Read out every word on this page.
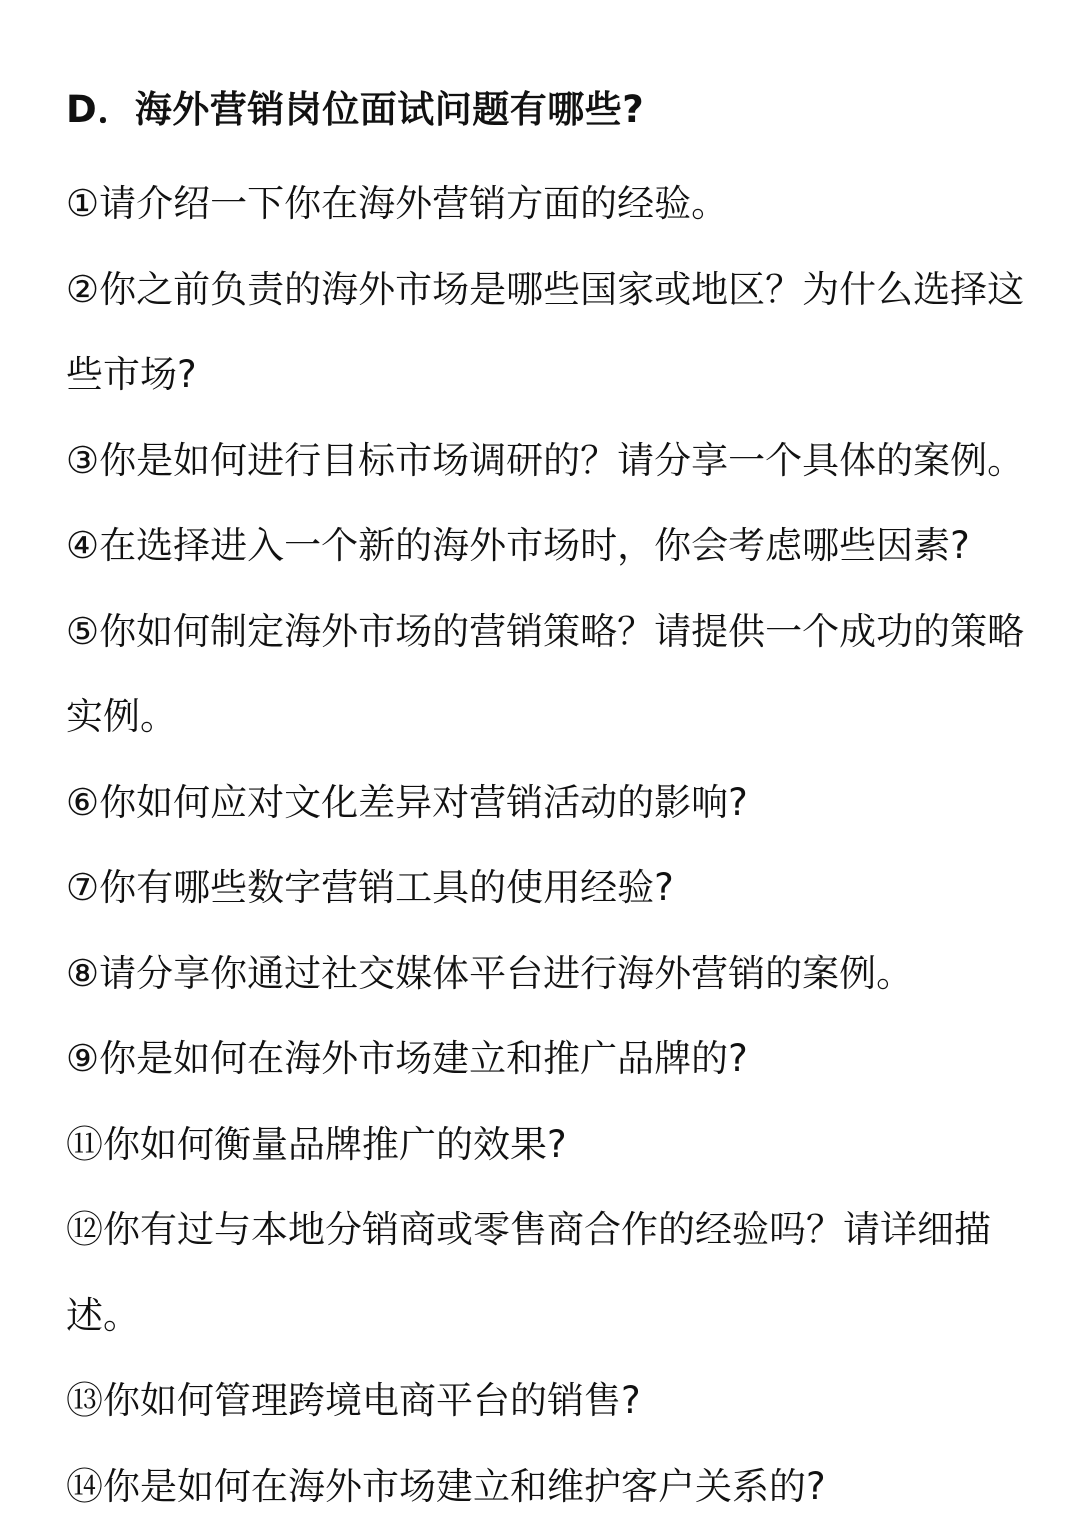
D．海外营销岗位面试问题有哪些?
①请介绍一下你在海外营销方面的经验。
②你之前负责的海外市场是哪些国家或地区？为什么选择这些市场?
③你是如何进行目标市场调研的？请分享一个具体的案例。
④在选择进入一个新的海外市场时，你会考虑哪些因素?
⑤你如何制定海外市场的营销策略？请提供一个成功的策略实例。
⑥你如何应对文化差异对营销活动的影响?
⑦你有哪些数字营销工具的使用经验?
⑧请分享你通过社交媒体平台进行海外营销的案例。
⑨你是如何在海外市场建立和推广品牌的?
⑪你如何衡量品牌推广的效果?
⑫你有过与本地分销商或零售商合作的经验吗？请详细描述。
⑬你如何管理跨境电商平台的销售?
⑭你是如何在海外市场建立和维护客户关系的?
